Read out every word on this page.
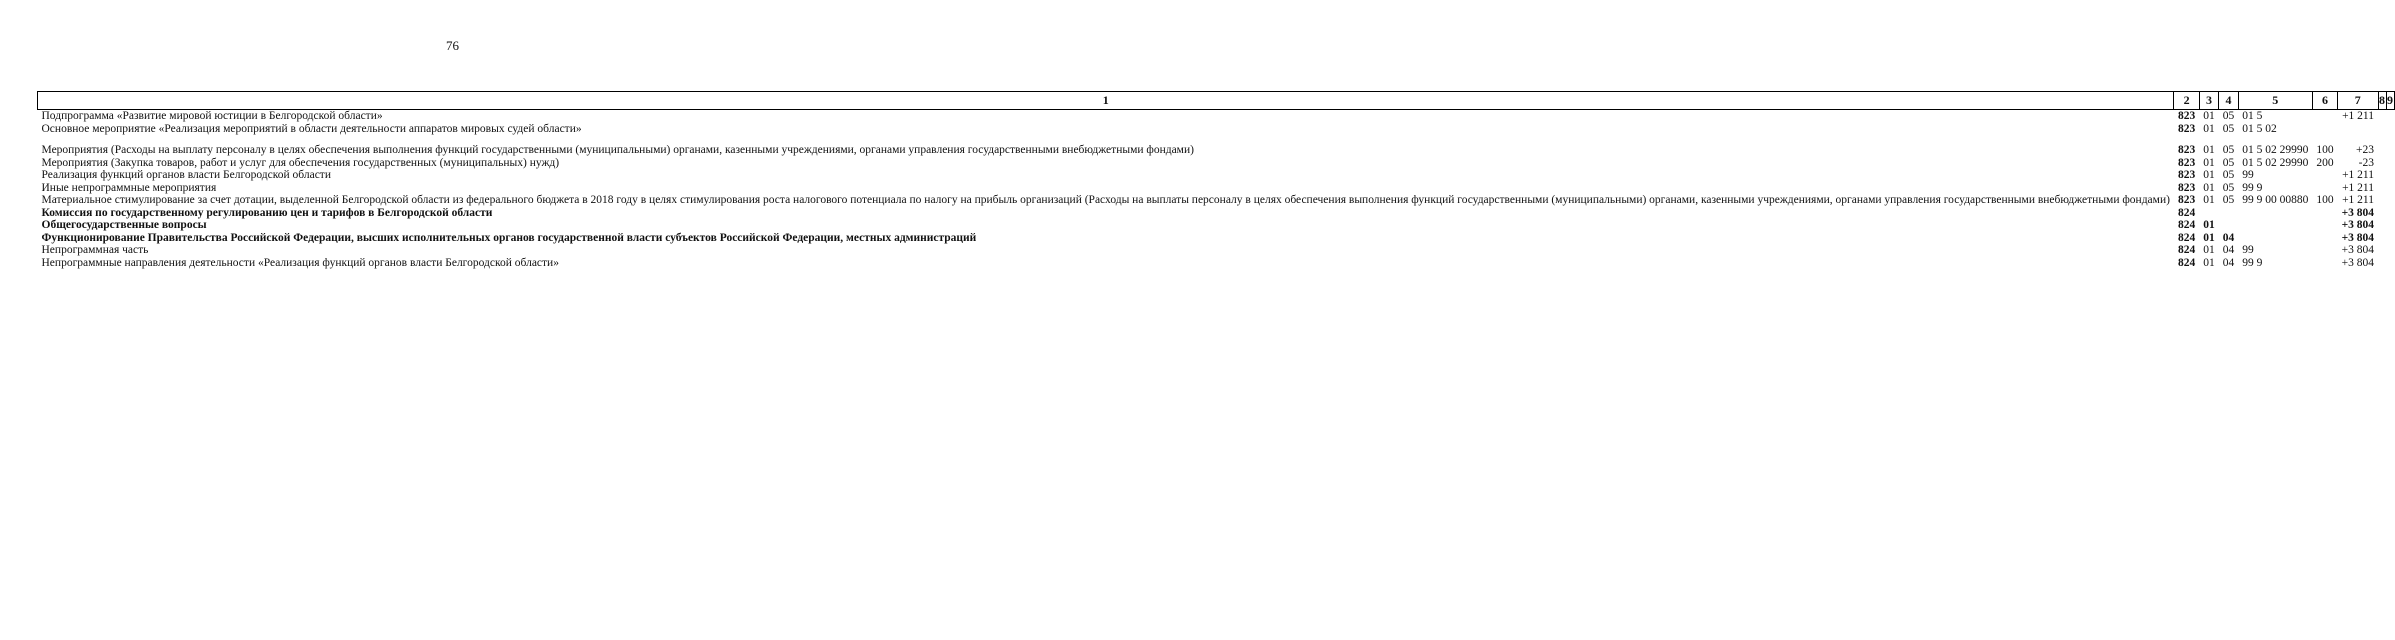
76
1	2	3	4	5	6	7	8	9
Подпрограмма «Развитие мировой юстиции в Белгородской области»	823	01	05	01 5		+1 211		
Основное мероприятие «Реализация мероприятий в области деятельности аппаратов мировых судей области»	823	01	05	01 5 02				
Мероприятия (Расходы на выплату персоналу в целях обеспечения выполнения функций государственными (муниципальными) органами, казенными учреждениями, органами управления государственными внебюджетными фондами)	823	01	05	01 5 02 29990	100	+23		
Мероприятия (Закупка товаров, работ и услуг для обеспечения государственных (муниципальных) нужд)	823	01	05	01 5 02 29990	200	-23		
Реализация функций органов власти Белгородской области	823	01	05	99		+1 211		
Иные непрограммные мероприятия	823	01	05	99 9		+1 211		
Материальное стимулирование за счет дотации, выделенной Белгородской области из федерального бюджета в 2018 году в целях стимулирования роста налогового потенциала по налогу на прибыль организаций (Расходы на выплаты персоналу в целях обеспечения выполнения функций государственными (муниципальными) органами, казенными учреждениями, органами управления государственными внебюджетными фондами)	823	01	05	99 9 00 00880	100	+1 211		
Комиссия по государственному регулированию цен и тарифов в Белгородской области	824					+3 804		
Общегосударственные вопросы	824	01				+3 804		
Функционирование Правительства Российской Федерации, высших исполнительных органов государственной власти субъектов Российской Федерации, местных администраций	824	01	04			+3 804		
Непрограммная часть	824	01	04	99		+3 804		
Непрограммные направления деятельности «Реализация функций органов власти Белгородской области»	824	01	04	99 9		+3 804		
